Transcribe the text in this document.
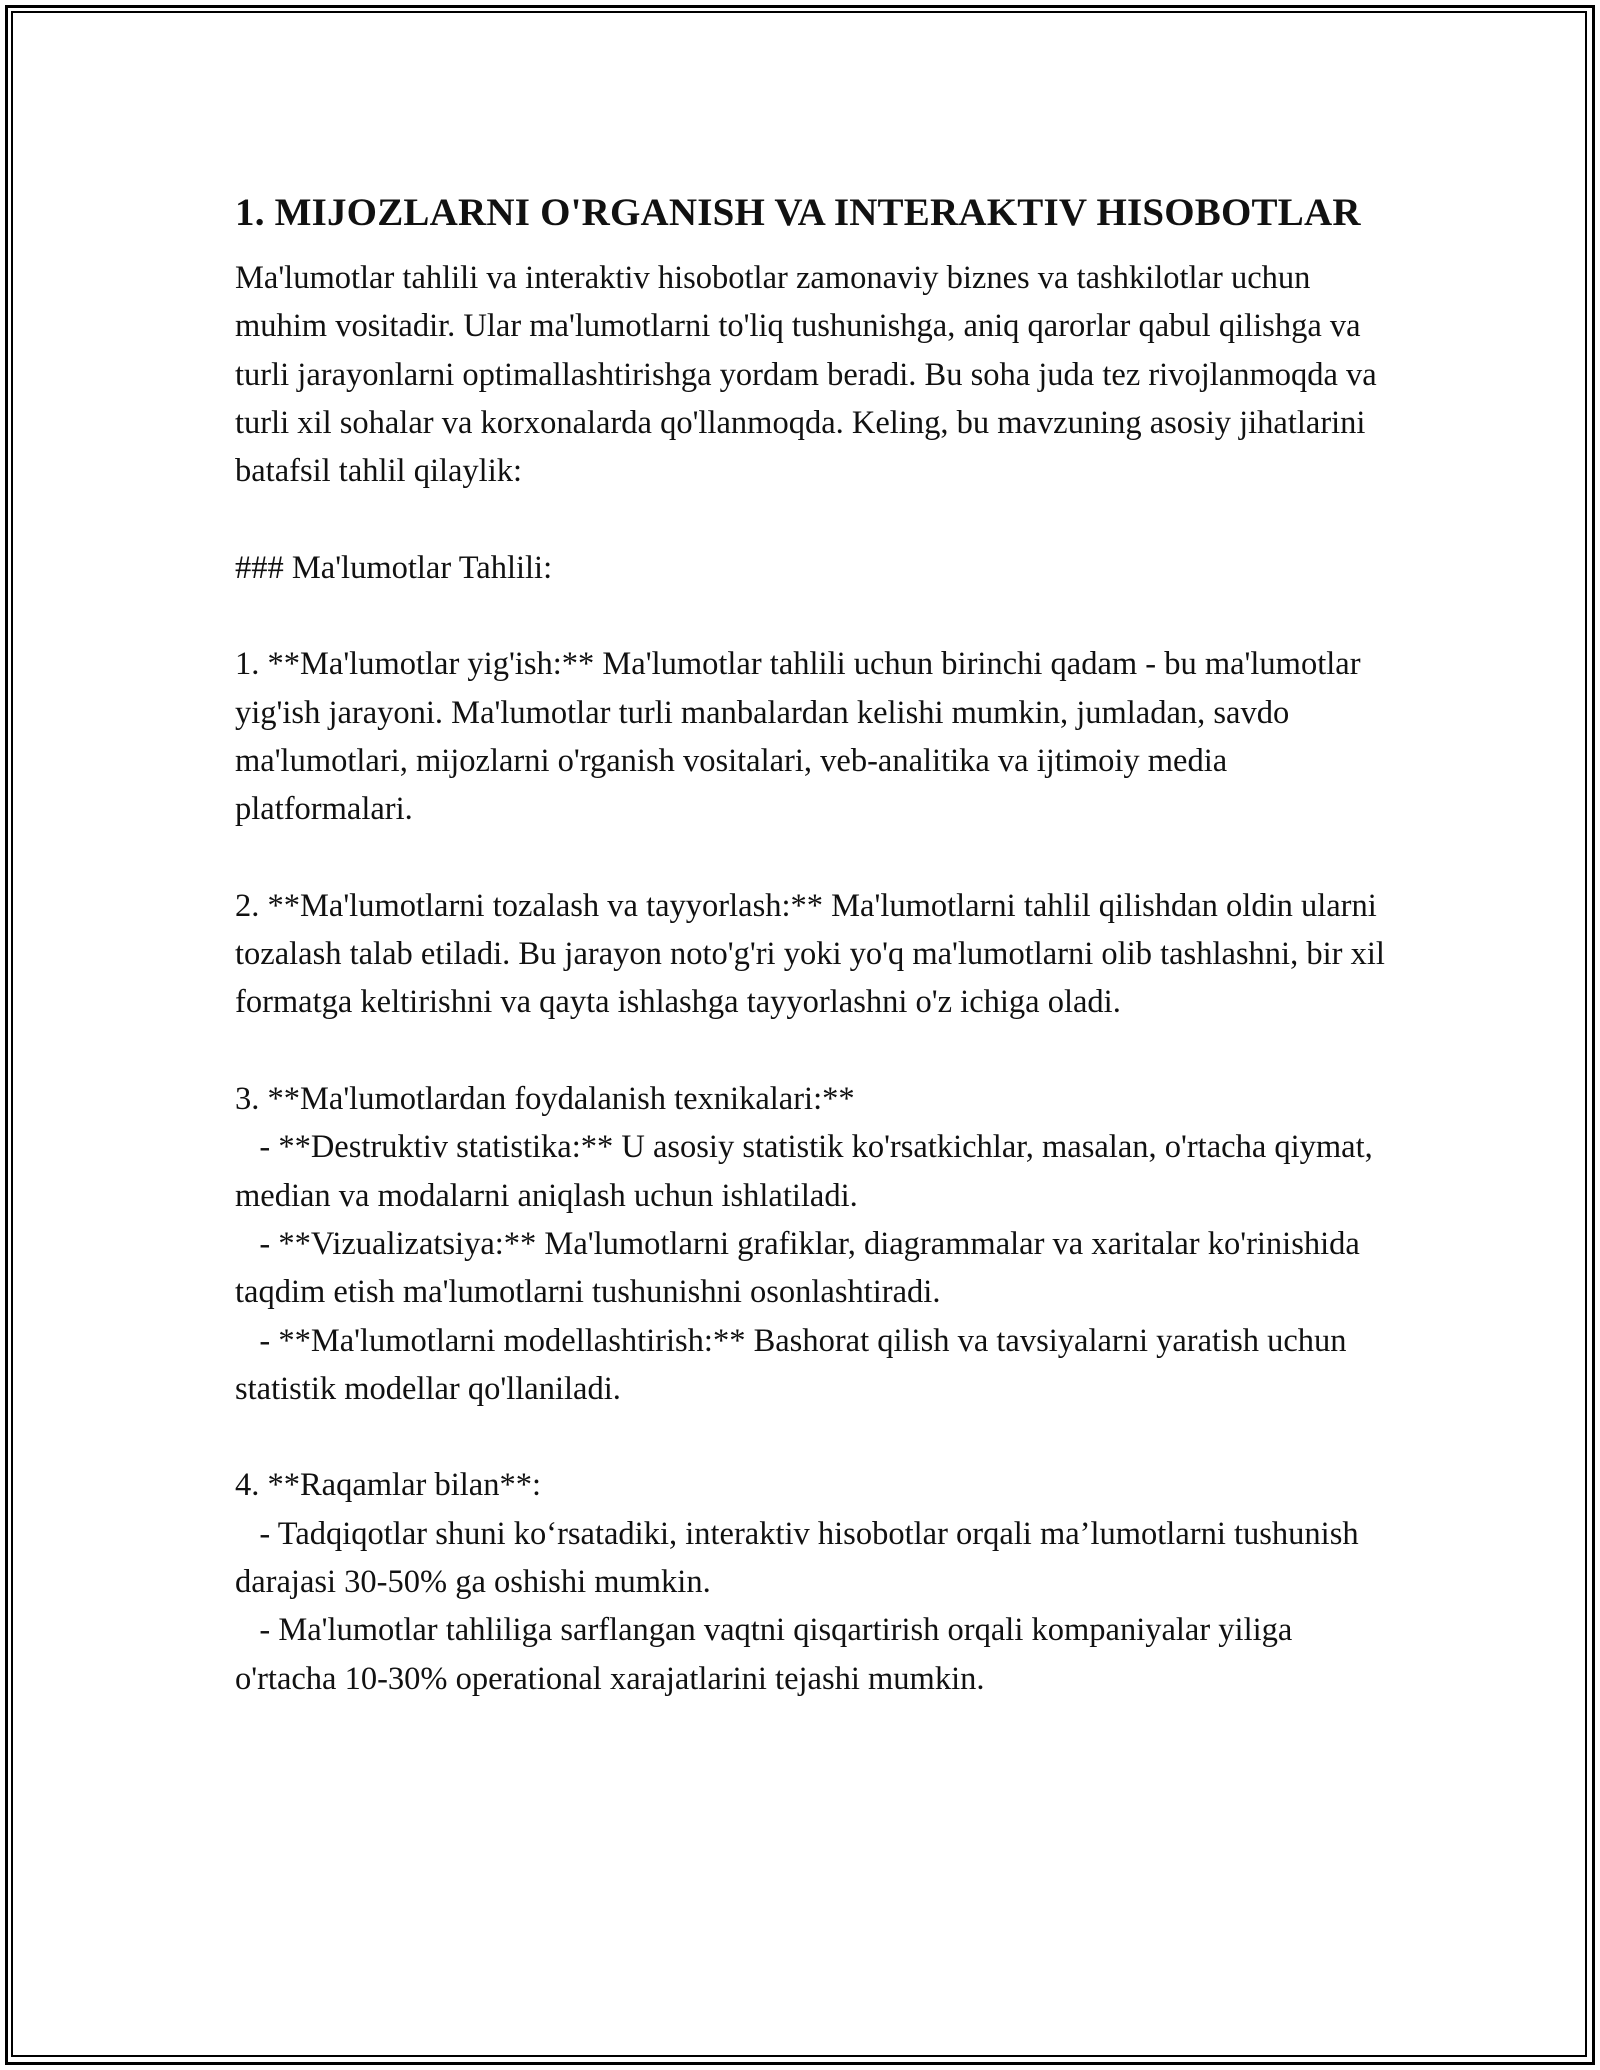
1. MIJOZLARNI O'RGANISH VA INTERAKTIV HISOBOTLAR

Ma'lumotlar tahlili va interaktiv hisobotlar zamonaviy biznes va tashkilotlar uchun muhim vositadir. Ular ma'lumotlarni to'liq tushunishga, aniq qarorlar qabul qilishga va turli jarayonlarni optimallashtirishga yordam beradi. Bu soha juda tez rivojlanmoqda va turli xil sohalar va korxonalarda qo'llanmoqda. Keling, bu mavzuning asosiy jihatlarini batafsil tahlil qilaylik:

### Ma'lumotlar Tahlili:

1. **Ma'lumotlar yig'ish:** Ma'lumotlar tahlili uchun birinchi qadam - bu ma'lumotlar yig'ish jarayoni. Ma'lumotlar turli manbalardan kelishi mumkin, jumladan, savdo ma'lumotlari, mijozlarni o'rganish vositalari, veb-analitika va ijtimoiy media platformalari.

2. **Ma'lumotlarni tozalash va tayyorlash:** Ma'lumotlarni tahlil qilishdan oldin ularni tozalash talab etiladi. Bu jarayon noto'g'ri yoki yo'q ma'lumotlarni olib tashlashni, bir xil formatga keltirishni va qayta ishlashga tayyorlashni o'z ichiga oladi.

3. **Ma'lumotlardan foydalanish texnikalari:**

- **Destruktiv statistika:** U asosiy statistik ko'rsatkichlar, masalan, o'rtacha qiymat, median va modalarni aniqlash uchun ishlatiladi.

- **Vizualizatsiya:** Ma'lumotlarni grafiklar, diagrammalar va xaritalar ko'rinishida taqdim etish ma'lumotlarni tushunishni osonlashtiradi.

- **Ma'lumotlarni modellashtirish:** Bashorat qilish va tavsiyalarni yaratish uchun statistik modellar qo'llaniladi.

4. **Raqamlar bilan**:

- Tadqiqotlar shuni ko‘rsatadiki, interaktiv hisobotlar orqali ma’lumotlarni tushunish darajasi 30-50% ga oshishi mumkin.

- Ma'lumotlar tahliliga sarflangan vaqtni qisqartirish orqali kompaniyalar yiliga o'rtacha 10-30% operational xarajatlarini tejashi mumkin.
